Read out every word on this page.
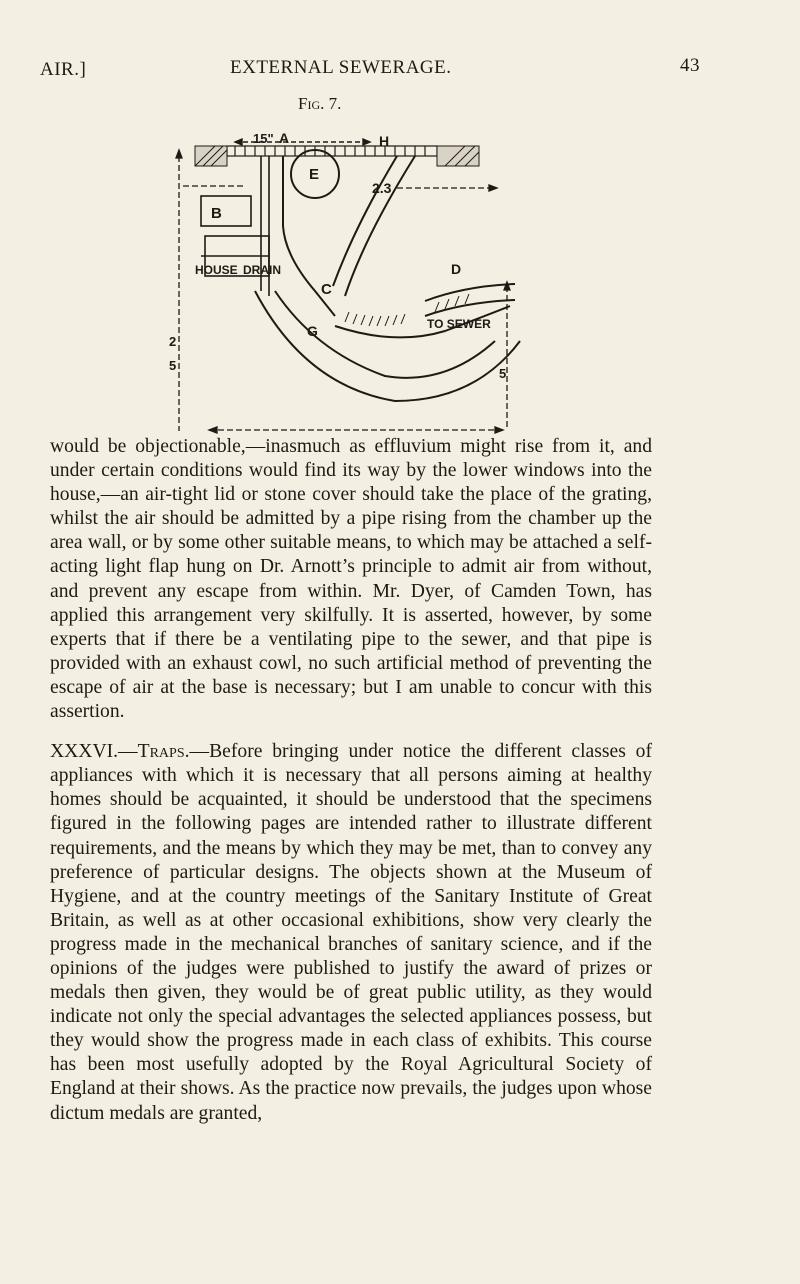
AIR.]	EXTERNAL SEWERAGE.	43
Fig. 7.
15" A	H
E
2
5
B
HOUSE DRAIN
2.3
D
C
G	TO SEWER
5

would be objectionable,—inasmuch as effluvium might rise from it, and under certain conditions would find its way by the lower windows into the house,—an air-tight lid or stone cover should take the place of the grating, whilst the air should be admitted by a pipe rising from the chamber up the area wall, or by some other suitable means, to which may be attached a self-acting light flap hung on Dr. Arnott’s principle to admit air from without, and prevent any escape from within. Mr. Dyer, of Camden Town, has applied this arrangement very skilfully. It is asserted, however, by some experts that if there be a ventilating pipe to the sewer, and that pipe is provided with an exhaust cowl, no such artificial method of preventing the escape of air at the base is necessary; but I am unable to concur with this assertion.

XXXVI.—Traps.—Before bringing under notice the different classes of appliances with which it is necessary that all persons aiming at healthy homes should be acquainted, it should be understood that the specimens figured in the following pages are intended rather to illustrate different requirements, and the means by which they may be met, than to convey any preference of particular designs. The objects shown at the Museum of Hygiene, and at the country meetings of the Sanitary Institute of Great Britain, as well as at other occasional exhibitions, show very clearly the progress made in the mechanical branches of sanitary science, and if the opinions of the judges were published to justify the award of prizes or medals then given, they would be of great public utility, as they would indicate not only the special advantages the selected appliances possess, but they would show the progress made in each class of exhibits. This course has been most usefully adopted by the Royal Agricultural Society of England at their shows. As the practice now prevails, the judges upon whose dictum medals are granted,
